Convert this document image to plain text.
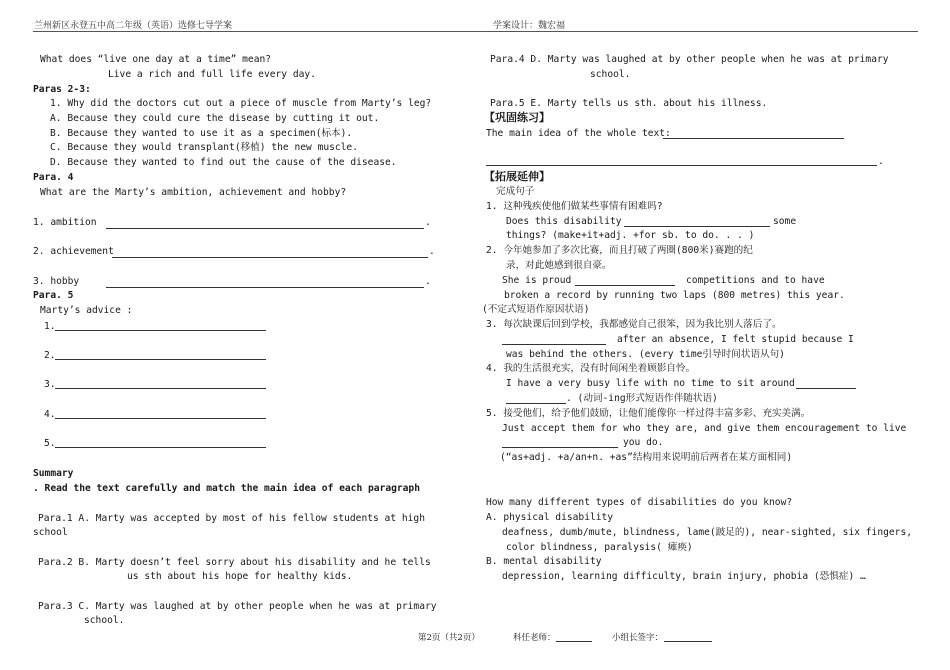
兰州新区永登五中高二年级（英语）选修七导学案	学案设计：魏宏福
What does “live one day at a time” mean?
Live a rich and full life every day.
Paras 2-3:
1. Why did the doctors cut out a piece of muscle from Marty’s leg?
A. Because they could cure the disease by cutting it out.
B. Because they wanted to use it as a specimen(标本).
C. Because they would transplant(移植) the new muscle.
D. Because they wanted to find out the cause of the disease.
Para. 4
What are the Marty’s ambition, achievement and hobby?
1. ambition	.
2. achievement	.
3. hobby	.
Para. 5
Marty’s advice :
1.
2.
3.
4.
5.
Summary
. Read the text carefully and match the main idea of each paragraph
Para.1 A. Marty was accepted by most of his fellow students at high
school
Para.2 B. Marty doesn’t feel sorry about his disability and he tells
us sth about his hope for healthy kids.
Para.3 C. Marty was laughed at by other people when he was at primary
school.
Para.4 D. Marty was laughed at by other people when he was at primary
school.
Para.5 E. Marty tells us sth. about his illness.
【巩固练习】
The main idea of the whole text:
.
【拓展延伸】
完成句子
1. 这种残疾使他们做某些事情有困难吗?
Does this disability	some
things? (make+it+adj. +for sb. to do. . . )
2. 今年她参加了多次比赛，而且打破了两圈(800米)赛跑的纪
录，对此她感到很自豪。
She is proud	competitions and to have
broken a record by running two laps (800 metres) this year.
(不定式短语作原因状语)
3. 每次缺课后回到学校，我都感觉自己很笨，因为我比别人落后了。
after an absence, I felt stupid because I
was behind the others. (every time引导时间状语从句)
4. 我的生活很充实，没有时间闲坐着顾影自怜。
I have a very busy life with no time to sit around
. (动词-ing形式短语作伴随状语)
5. 接受他们，给予他们鼓励，让他们能像你一样过得丰富多彩、充实美满。
Just accept them for who they are, and give them encouragement to live
you do.
(“as+adj. +a/an+n. +as”结构用来说明前后两者在某方面相同)
How many different types of disabilities do you know?
A. physical disability
deafness, dumb/mute, blindness, lame(跛足的), near-sighted, six fingers,
color blindness, paralysis( 瘫痪)
B. mental disability
depression, learning difficulty, brain injury, phobia (恐惧症) …
第2页（共2页）	科任老师：	小组长签字：
